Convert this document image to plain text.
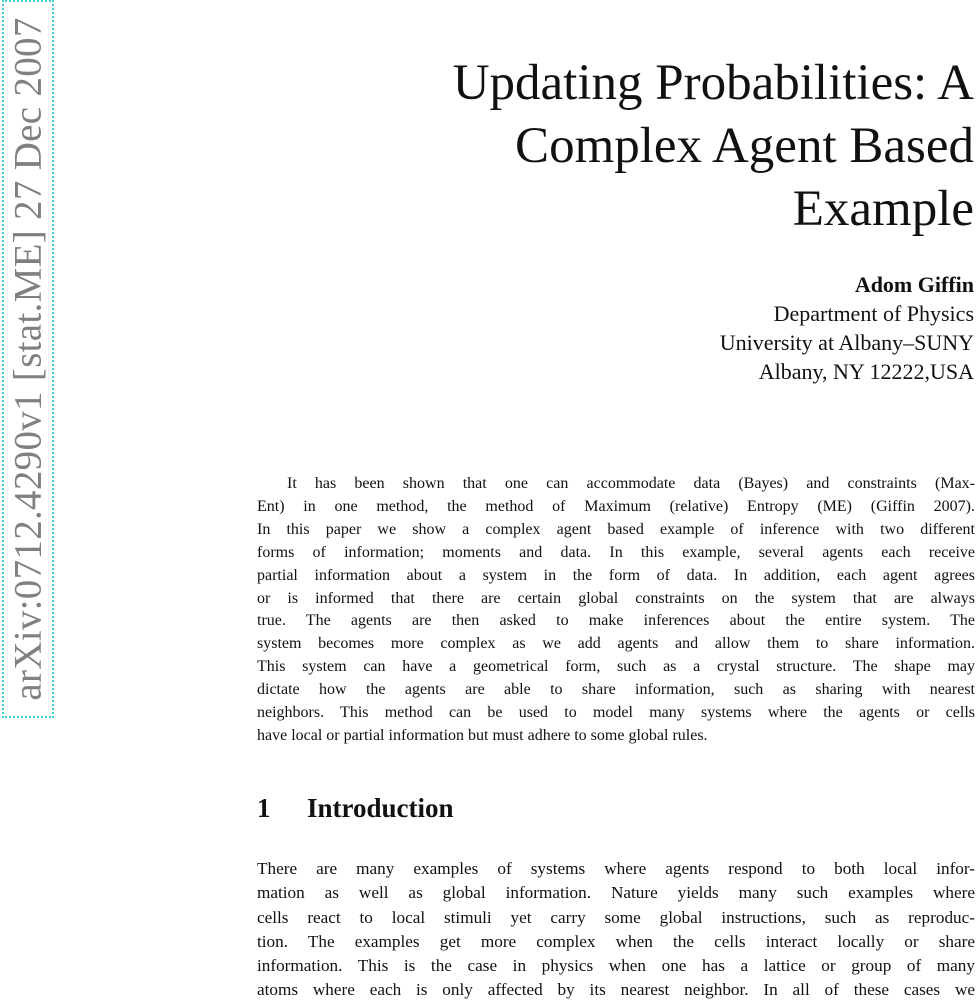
arXiv:0712.4290v1 [stat.ME] 27 Dec 2007	Updating Probabilities: A
Complex Agent Based
Example
Adom Giffin
Department of Physics
University at Albany–SUNY
Albany, NY 12222,USA
It has been shown that one can accommodate data (Bayes) and constraints (Max-
Ent) in one method, the method of Maximum (relative) Entropy (ME) (Giffin 2007).
In this paper we show a complex agent based example of inference with two different
forms of information; moments and data. In this example, several agents each receive
partial information about a system in the form of data. In addition, each agent agrees
or is informed that there are certain global constraints on the system that are always
true. The agents are then asked to make inferences about the entire system. The
system becomes more complex as we add agents and allow them to share information.
This system can have a geometrical form, such as a crystal structure. The shape may
dictate how the agents are able to share information, such as sharing with nearest
neighbors. This method can be used to model many systems where the agents or cells
have local or partial information but must adhere to some global rules.
1 Introduction
There are many examples of systems where agents respond to both local infor-
mation as well as global information. Nature yields many such examples where
cells react to local stimuli yet carry some global instructions, such as reproduc-
tion. The examples get more complex when the cells interact locally or share
information. This is the case in physics when one has a lattice or group of many
atoms where each is only affected by its nearest neighbor. In all of these cases we
